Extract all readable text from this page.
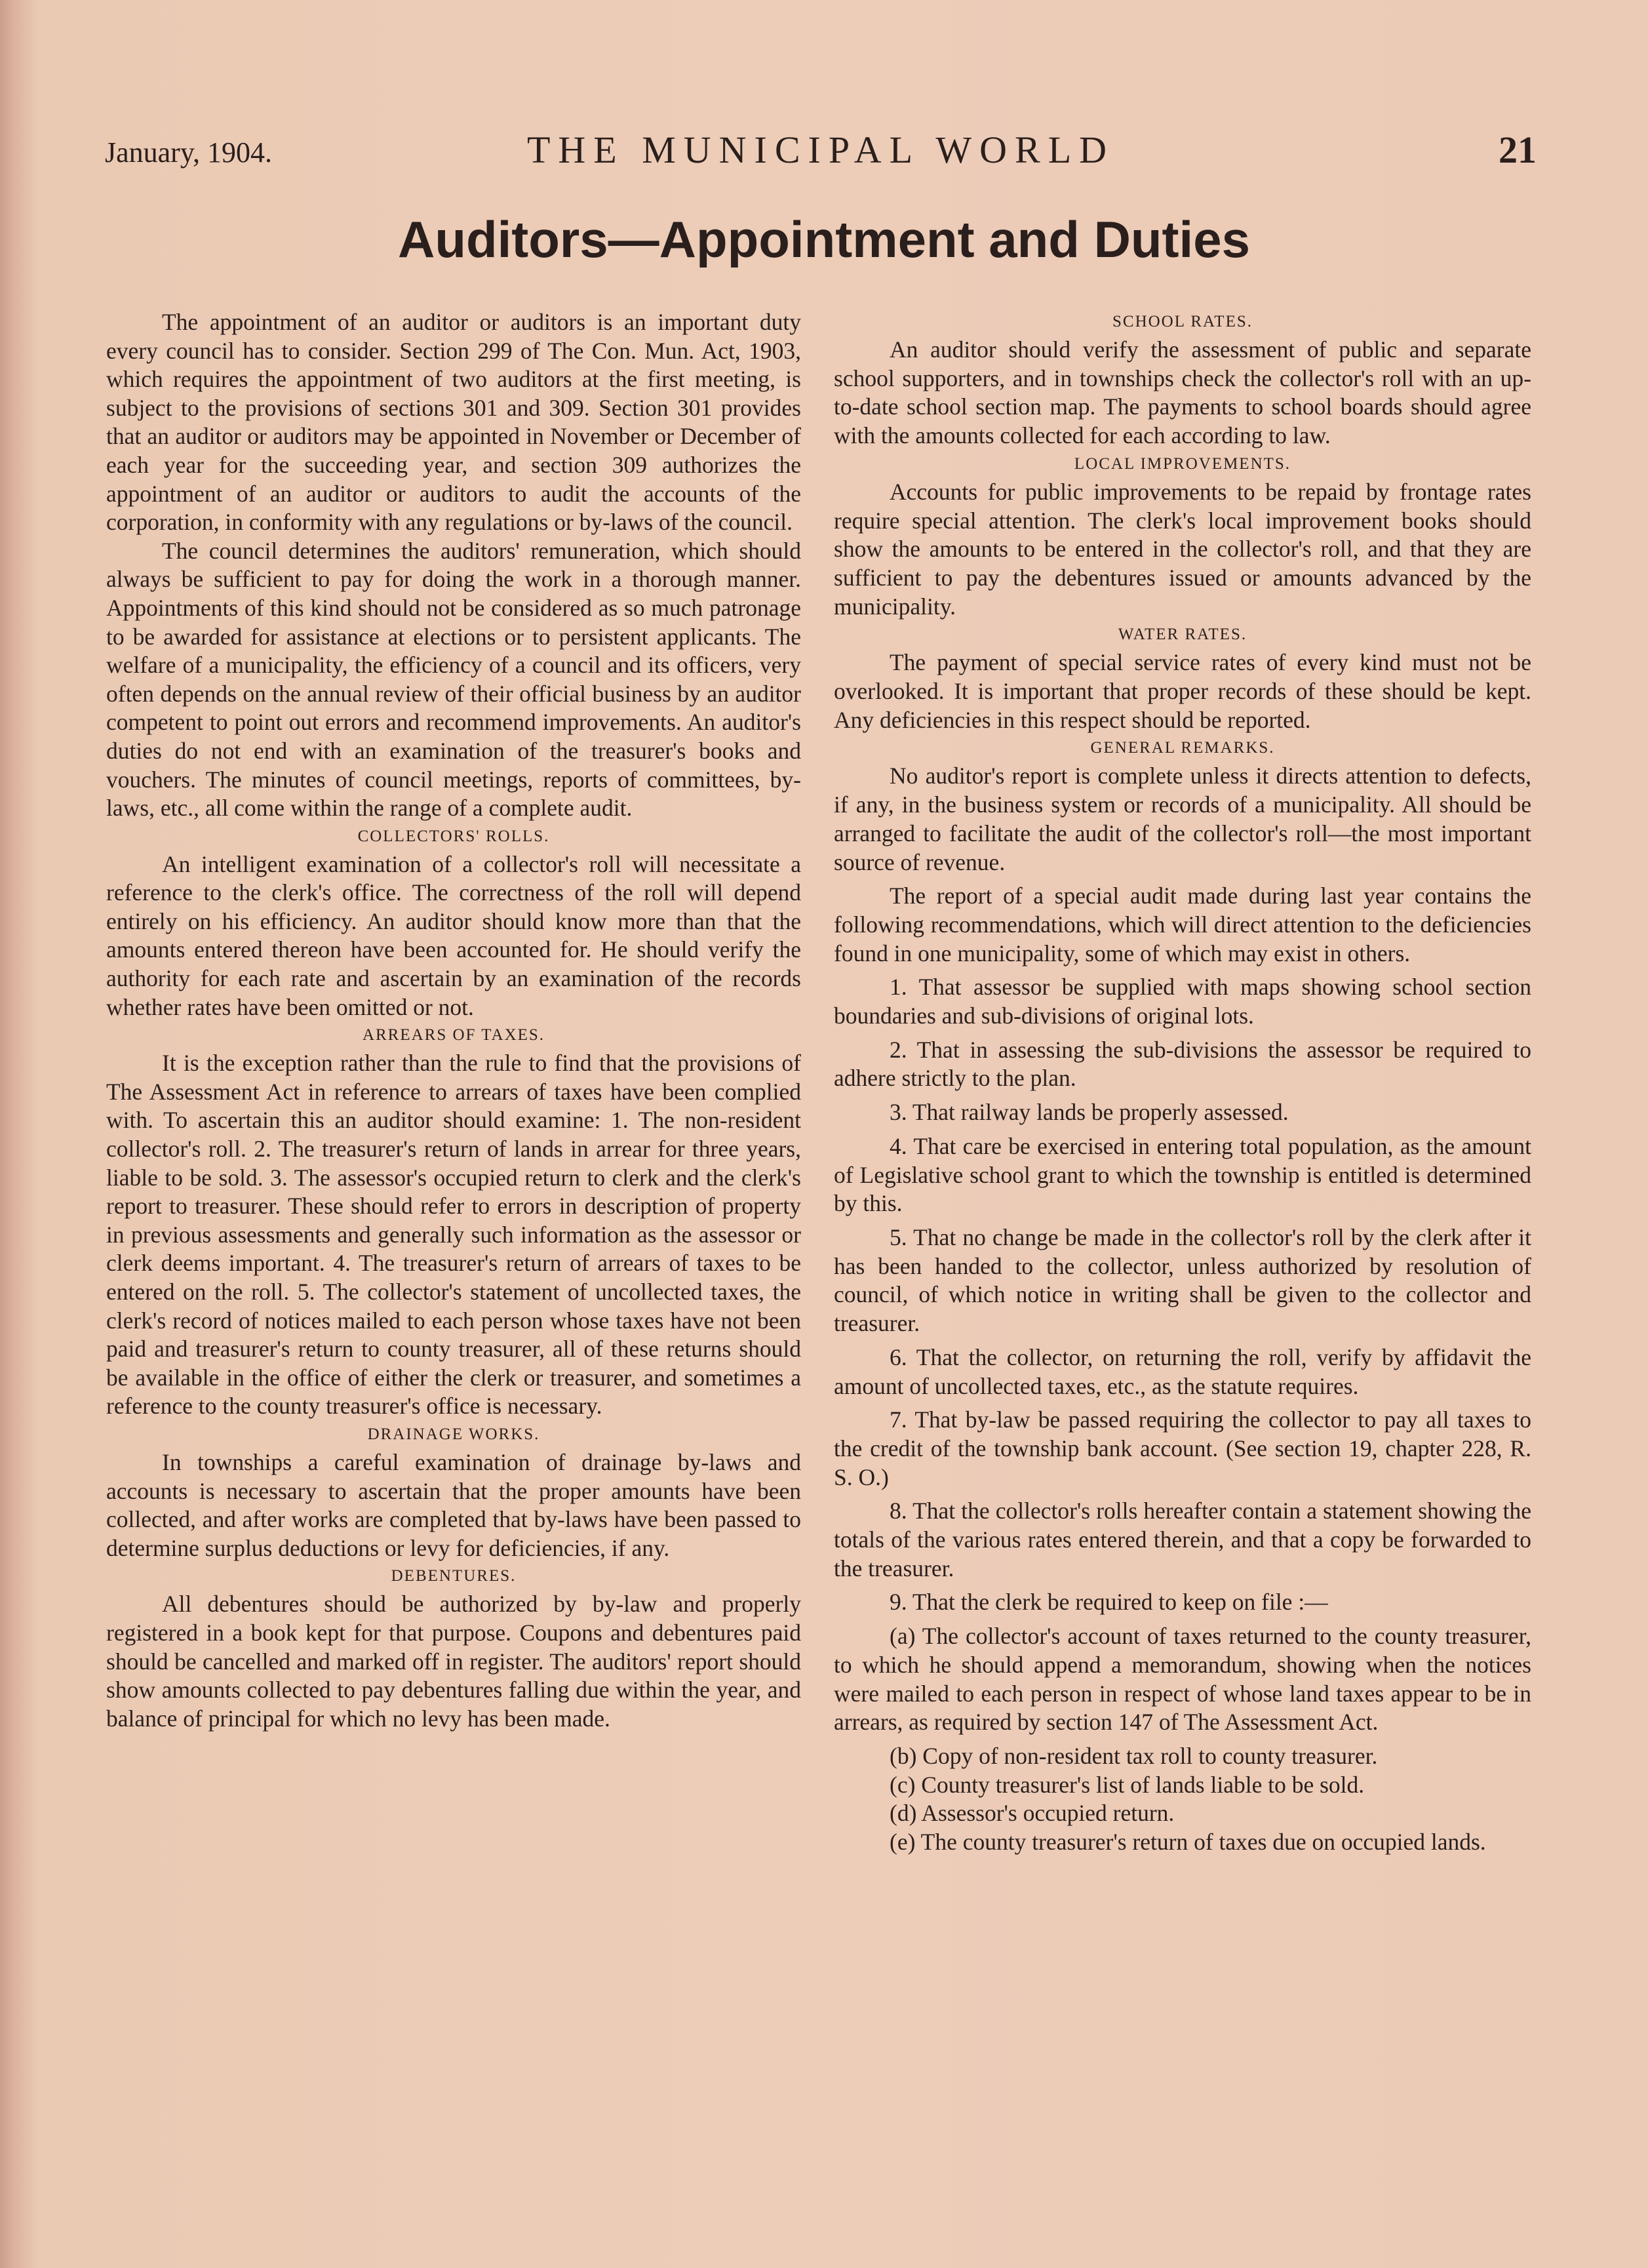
January, 1904.	THE MUNICIPAL WORLD	21
Auditors—Appointment and Duties

The appointment of an auditor or auditors is an important duty every council has to consider. Section 299 of The Con. Mun. Act, 1903, which requires the appointment of two auditors at the first meeting, is subject to the provisions of sections 301 and 309. Section 301 provides that an auditor or auditors may be appointed in November or December of each year for the succeeding year, and section 309 authorizes the appointment of an auditor or auditors to audit the accounts of the corporation, in conformity with any regulations or by-laws of the council.

The council determines the auditors' remuneration, which should always be sufficient to pay for doing the work in a thorough manner. Appointments of this kind should not be considered as so much patronage to be awarded for assistance at elections or to persistent applicants. The welfare of a municipality, the efficiency of a council and its officers, very often depends on the annual review of their official business by an auditor competent to point out errors and recommend improvements. An auditor's duties do not end with an examination of the treasurer's books and vouchers. The minutes of council meetings, reports of committees, by-laws, etc., all come within the range of a complete audit.

COLLECTORS' ROLLS.

An intelligent examination of a collector's roll will necessitate a reference to the clerk's office. The correctness of the roll will depend entirely on his efficiency. An auditor should know more than that the amounts entered thereon have been accounted for. He should verify the authority for each rate and ascertain by an examination of the records whether rates have been omitted or not.

ARREARS OF TAXES.

It is the exception rather than the rule to find that the provisions of The Assessment Act in reference to arrears of taxes have been complied with. To ascertain this an auditor should examine: 1. The non-resident collector's roll. 2. The treasurer's return of lands in arrear for three years, liable to be sold. 3. The assessor's occupied return to clerk and the clerk's report to treasurer. These should refer to errors in description of property in previous assessments and generally such information as the assessor or clerk deems important. 4. The treasurer's return of arrears of taxes to be entered on the roll. 5. The collector's statement of uncollected taxes, the clerk's record of notices mailed to each person whose taxes have not been paid and treasurer's return to county treasurer, all of these returns should be available in the office of either the clerk or treasurer, and sometimes a reference to the county treasurer's office is necessary.

DRAINAGE WORKS.

In townships a careful examination of drainage by-laws and accounts is necessary to ascertain that the proper amounts have been collected, and after works are completed that by-laws have been passed to determine surplus deductions or levy for deficiencies, if any.

DEBENTURES.

All debentures should be authorized by by-law and properly registered in a book kept for that purpose. Coupons and debentures paid should be cancelled and marked off in register. The auditors' report should show amounts collected to pay debentures falling due within the year, and balance of principal for which no levy has been made.

SCHOOL RATES.

An auditor should verify the assessment of public and separate school supporters, and in townships check the collector's roll with an up-to-date school section map. The payments to school boards should agree with the amounts collected for each according to law.

LOCAL IMPROVEMENTS.

Accounts for public improvements to be repaid by frontage rates require special attention. The clerk's local improvement books should show the amounts to be entered in the collector's roll, and that they are sufficient to pay the debentures issued or amounts advanced by the municipality.

WATER RATES.

The payment of special service rates of every kind must not be overlooked. It is important that proper records of these should be kept. Any deficiencies in this respect should be reported.

GENERAL REMARKS.

No auditor's report is complete unless it directs attention to defects, if any, in the business system or records of a municipality. All should be arranged to facilitate the audit of the collector's roll—the most important source of revenue.

The report of a special audit made during last year contains the following recommendations, which will direct attention to the deficiencies found in one municipality, some of which may exist in others.

1. That assessor be supplied with maps showing school section boundaries and sub-divisions of original lots.

2. That in assessing the sub-divisions the assessor be required to adhere strictly to the plan.

3. That railway lands be properly assessed.

4. That care be exercised in entering total population, as the amount of Legislative school grant to which the township is entitled is determined by this.

5. That no change be made in the collector's roll by the clerk after it has been handed to the collector, unless authorized by resolution of council, of which notice in writing shall be given to the collector and treasurer.

6. That the collector, on returning the roll, verify by affidavit the amount of uncollected taxes, etc., as the statute requires.

7. That by-law be passed requiring the collector to pay all taxes to the credit of the township bank account. (See section 19, chapter 228, R. S. O.)

8. That the collector's rolls hereafter contain a statement showing the totals of the various rates entered therein, and that a copy be forwarded to the treasurer.

9. That the clerk be required to keep on file :—

(a) The collector's account of taxes returned to the county treasurer, to which he should append a memorandum, showing when the notices were mailed to each person in respect of whose land taxes appear to be in arrears, as required by section 147 of The Assessment Act.

(b) Copy of non-resident tax roll to county treasurer.

(c) County treasurer's list of lands liable to be sold.

(d) Assessor's occupied return.

(e) The county treasurer's return of taxes due on occupied lands.
